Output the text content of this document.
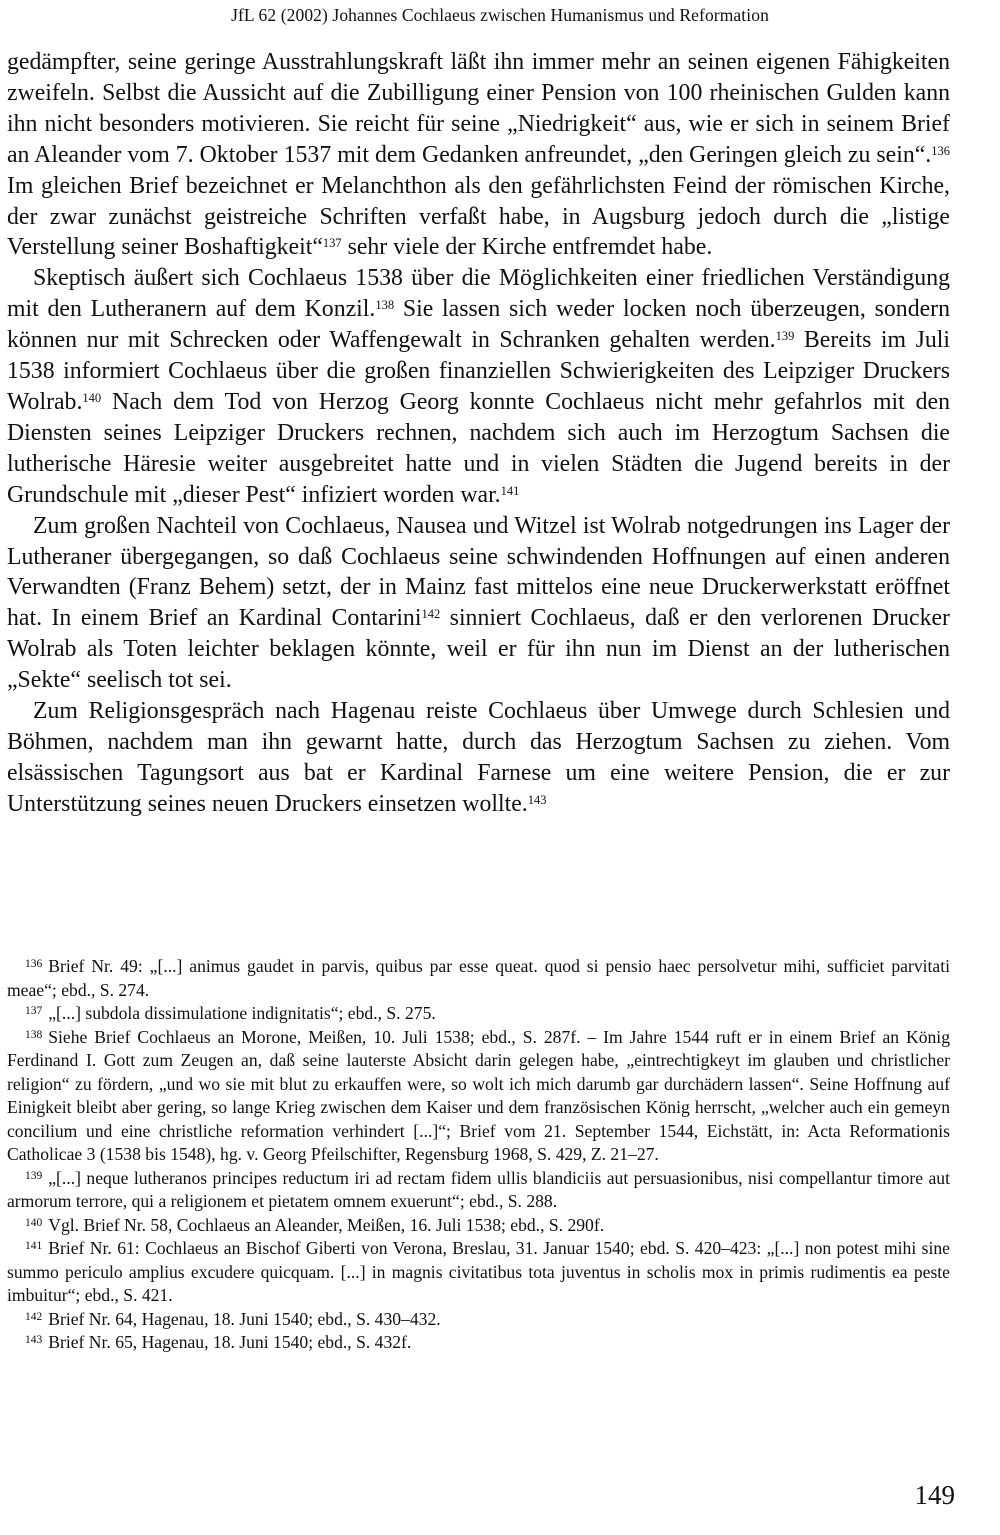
JfL 62 (2002) Johannes Cochlaeus zwischen Humanismus und Reformation

gedämpfter, seine geringe Ausstrahlungskraft läßt ihn immer mehr an seinen eigenen Fähigkeiten zweifeln. Selbst die Aussicht auf die Zubilligung einer Pension von 100 rheinischen Gulden kann ihn nicht besonders motivieren. Sie reicht für seine „Niedrigkeit“ aus, wie er sich in seinem Brief an Aleander vom 7. Oktober 1537 mit dem Gedanken anfreundet, „den Geringen gleich zu sein“.$^{136}$ Im gleichen Brief bezeichnet er Melanchthon als den gefährlichsten Feind der römischen Kirche, der zwar zunächst geistreiche Schriften verfaßt habe, in Augsburg jedoch durch die „listige Verstellung seiner Boshaftigkeit“$^{137}$ sehr viele der Kirche entfremdet habe.

Skeptisch äußert sich Cochlaeus 1538 über die Möglichkeiten einer friedlichen Verständigung mit den Lutheranern auf dem Konzil.$^{138}$ Sie lassen sich weder locken noch überzeugen, sondern können nur mit Schrecken oder Waffengewalt in Schranken gehalten werden.$^{139}$ Bereits im Juli 1538 informiert Cochlaeus über die großen finanziellen Schwierigkeiten des Leipziger Druckers Wolrab.$^{140}$ Nach dem Tod von Herzog Georg konnte Cochlaeus nicht mehr gefahrlos mit den Diensten seines Leipziger Druckers rechnen, nachdem sich auch im Herzogtum Sachsen die lutherische Häresie weiter ausgebreitet hatte und in vielen Städten die Jugend bereits in der Grundschule mit „dieser Pest“ infiziert worden war.$^{141}$

Zum großen Nachteil von Cochlaeus, Nausea und Witzel ist Wolrab notgedrungen ins Lager der Lutheraner übergegangen, so daß Cochlaeus seine schwindenden Hoffnungen auf einen anderen Verwandten (Franz Behem) setzt, der in Mainz fast mittelos eine neue Druckerwerkstatt eröffnet hat. In einem Brief an Kardinal Contarini$^{142}$ sinniert Cochlaeus, daß er den verlorenen Drucker Wolrab als Toten leichter beklagen könnte, weil er für ihn nun im Dienst an der lutherischen „Sekte“ seelisch tot sei.

Zum Religionsgespräch nach Hagenau reiste Cochlaeus über Umwege durch Schlesien und Böhmen, nachdem man ihn gewarnt hatte, durch das Herzogtum Sachsen zu ziehen. Vom elsässischen Tagungsort aus bat er Kardinal Farnese um eine weitere Pension, die er zur Unterstützung seines neuen Druckers einsetzen wollte.$^{143}$

$^{136}$ Brief Nr. 49: „[...] animus gaudet in parvis, quibus par esse queat. quod si pensio haec persolvetur mihi, sufficiet parvitati meae“; ebd., S. 274.

$^{137}$ „[...] subdola dissimulatione indignitatis“; ebd., S. 275.

$^{138}$ Siehe Brief Cochlaeus an Morone, Meißen, 10. Juli 1538; ebd., S. 287f. – Im Jahre 1544 ruft er in einem Brief an König Ferdinand I. Gott zum Zeugen an, daß seine lauterste Absicht darin gelegen habe, „eintrechtigkeyt im glauben und christlicher religion“ zu fördern, „und wo sie mit blut zu erkauffen were, so wolt ich mich darumb gar durchädern lassen“. Seine Hoffnung auf Einigkeit bleibt aber gering, so lange Krieg zwischen dem Kaiser und dem französischen König herrscht, „welcher auch ein gemeyn concilium und eine christliche reformation verhindert [...]“; Brief vom 21. September 1544, Eichstätt, in: Acta Reformationis Catholicae 3 (1538 bis 1548), hg. v. Georg Pfeilschifter, Regensburg 1968, S. 429, Z. 21–27.

$^{139}$ „[...] neque lutheranos principes reductum iri ad rectam fidem ullis blandiciis aut persuasionibus, nisi compellantur timore aut armorum terrore, qui a religionem et pietatem omnem exuerunt“; ebd., S. 288.

$^{140}$ Vgl. Brief Nr. 58, Cochlaeus an Aleander, Meißen, 16. Juli 1538; ebd., S. 290f.

$^{141}$ Brief Nr. 61: Cochlaeus an Bischof Giberti von Verona, Breslau, 31. Januar 1540; ebd. S. 420–423: „[...] non potest mihi sine summo periculo amplius excudere quicquam. [...] in magnis civitatibus tota juventus in scholis mox in primis rudimentis ea peste imbuitur“; ebd., S. 421.

$^{142}$ Brief Nr. 64, Hagenau, 18. Juni 1540; ebd., S. 430–432.

$^{143}$ Brief Nr. 65, Hagenau, 18. Juni 1540; ebd., S. 432f.

149
